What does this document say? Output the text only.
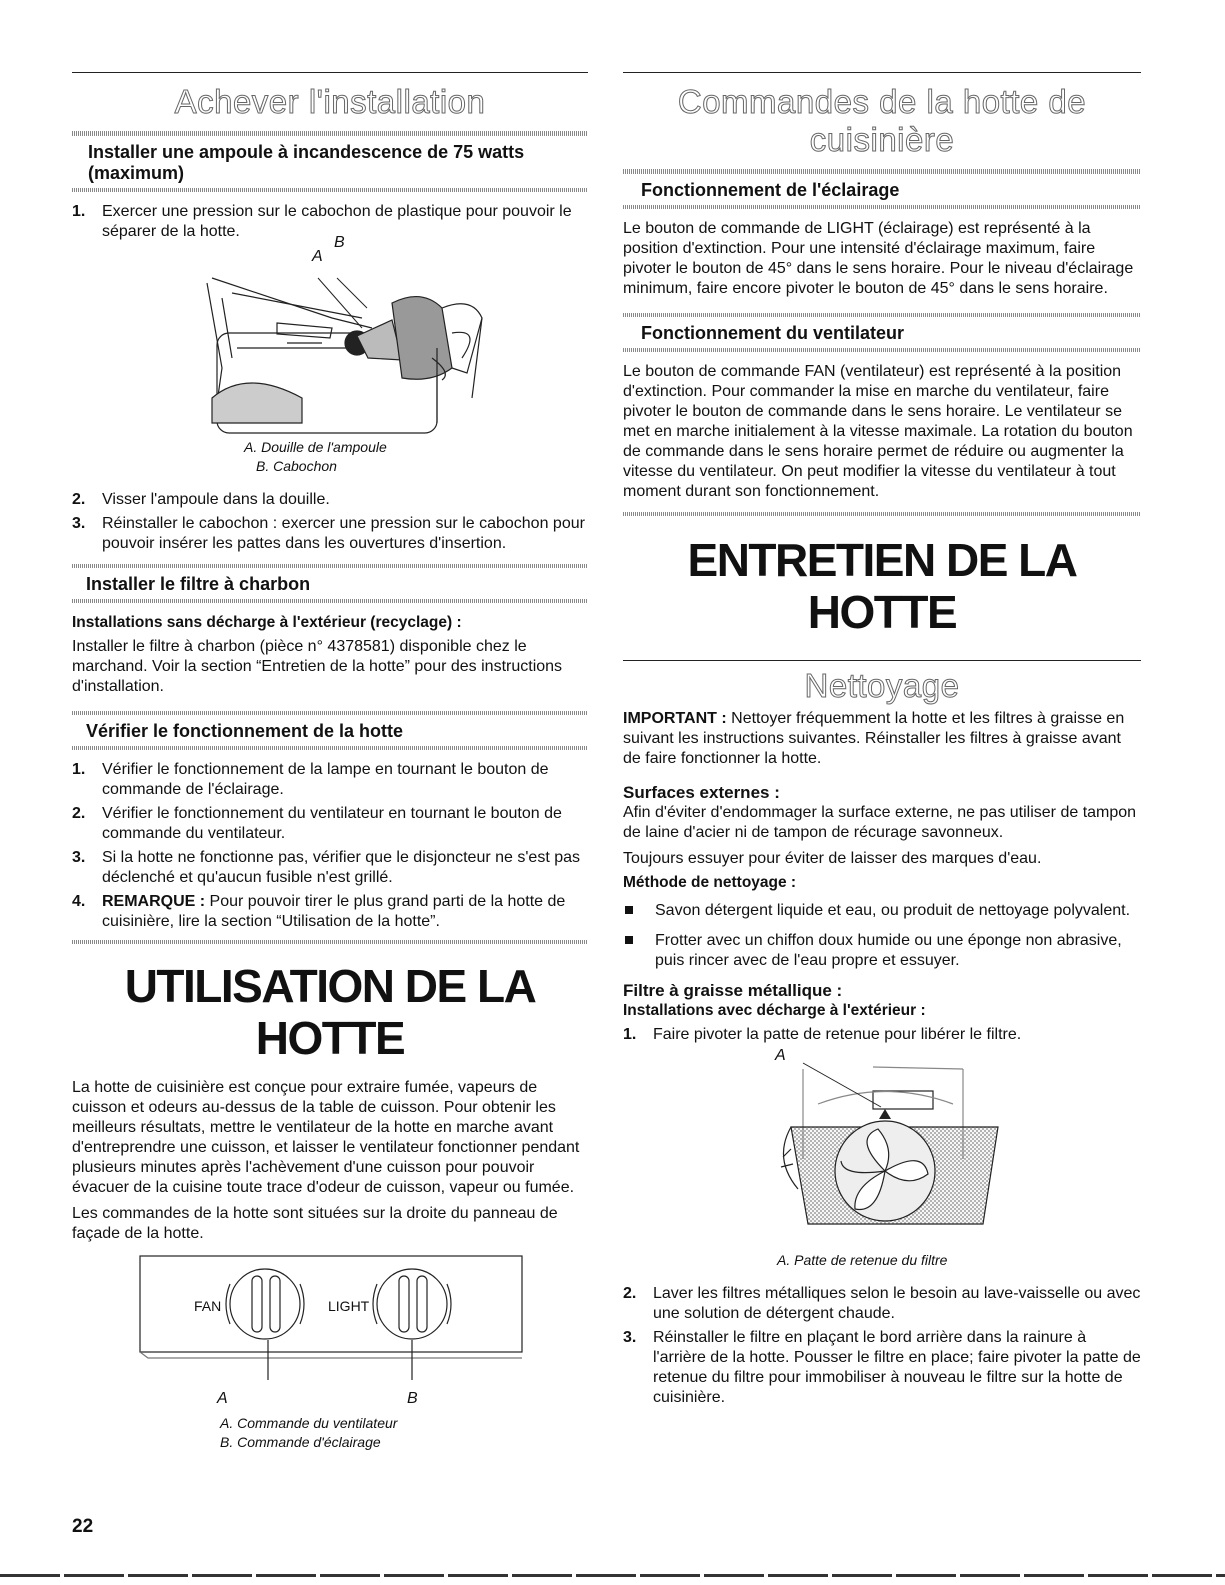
Achever l'installation
Installer une ampoule à incandescence de 75 watts (maximum)
1. Exercer une pression sur le cabochon de plastique pour pouvoir le séparer de la hotte.
A
B
A. Douille de l'ampoule
B. Cabochon
2. Visser l'ampoule dans la douille.
3. Réinstaller le cabochon : exercer une pression sur le cabochon pour pouvoir insérer les pattes dans les ouvertures d'insertion.
Installer le filtre à charbon
Installations sans décharge à l'extérieur (recyclage) :

Installer le filtre à charbon (pièce n° 4378581) disponible chez le marchand. Voir la section “Entretien de la hotte” pour des instructions d'installation.

Vérifier le fonctionnement de la hotte
1. Vérifier le fonctionnement de la lampe en tournant le bouton de commande de l'éclairage.
2. Vérifier le fonctionnement du ventilateur en tournant le bouton de commande du ventilateur.
3. Si la hotte ne fonctionne pas, vérifier que le disjoncteur ne s'est pas déclenché et qu'aucun fusible n'est grillé.
4. REMARQUE : Pour pouvoir tirer le plus grand parti de la hotte de cuisinière, lire la section “Utilisation de la hotte”.
UTILISATION DE LA HOTTE

La hotte de cuisinière est conçue pour extraire fumée, vapeurs de cuisson et odeurs au-dessus de la table de cuisson. Pour obtenir les meilleurs résultats, mettre le ventilateur de la hotte en marche avant d'entreprendre une cuisson, et laisser le ventilateur fonctionner pendant plusieurs minutes après l'achèvement d'une cuisson pour pouvoir évacuer de la cuisine toute trace d'odeur de cuisson, vapeur ou fumée.

Les commandes de la hotte sont situées sur la droite du panneau de façade de la hotte.

FAN	LIGHT
A	B
A. Commande du ventilateur
B. Commande d'éclairage
Commandes de la hotte de cuisinière
Fonctionnement de l'éclairage

Le bouton de commande de LIGHT (éclairage) est représenté à la position d'extinction. Pour une intensité d'éclairage maximum, faire pivoter le bouton de 45° dans le sens horaire. Pour le niveau d'éclairage minimum, faire encore pivoter le bouton de 45° dans le sens horaire.

Fonctionnement du ventilateur

Le bouton de commande FAN (ventilateur) est représenté à la position d'extinction. Pour commander la mise en marche du ventilateur, faire pivoter le bouton de commande dans le sens horaire. Le ventilateur se met en marche initialement à la vitesse maximale. La rotation du bouton de commande dans le sens horaire permet de réduire ou augmenter la vitesse du ventilateur. On peut modifier la vitesse du ventilateur à tout moment durant son fonctionnement.

ENTRETIEN DE LA HOTTE
Nettoyage

IMPORTANT : Nettoyer fréquemment la hotte et les filtres à graisse en suivant les instructions suivantes. Réinstaller les filtres à graisse avant de faire fonctionner la hotte.

Surfaces externes :

Afin d'éviter d'endommager la surface externe, ne pas utiliser de tampon de laine d'acier ni de tampon de récurage savonneux.

Toujours essuyer pour éviter de laisser des marques d'eau.

Méthode de nettoyage :
Savon détergent liquide et eau, ou produit de nettoyage polyvalent.
Frotter avec un chiffon doux humide ou une éponge non abrasive, puis rincer avec de l'eau propre et essuyer.
Filtre à graisse métallique :
Installations avec décharge à l'extérieur :
1. Faire pivoter la patte de retenue pour libérer le filtre.
A
A. Patte de retenue du filtre
2. Laver les filtres métalliques selon le besoin au lave-vaisselle ou avec une solution de détergent chaude.
3. Réinstaller le filtre en plaçant le bord arrière dans la rainure à l'arrière de la hotte. Pousser le filtre en place; faire pivoter la patte de retenue du filtre pour immobiliser à nouveau le filtre sur la hotte de cuisinière.
22
